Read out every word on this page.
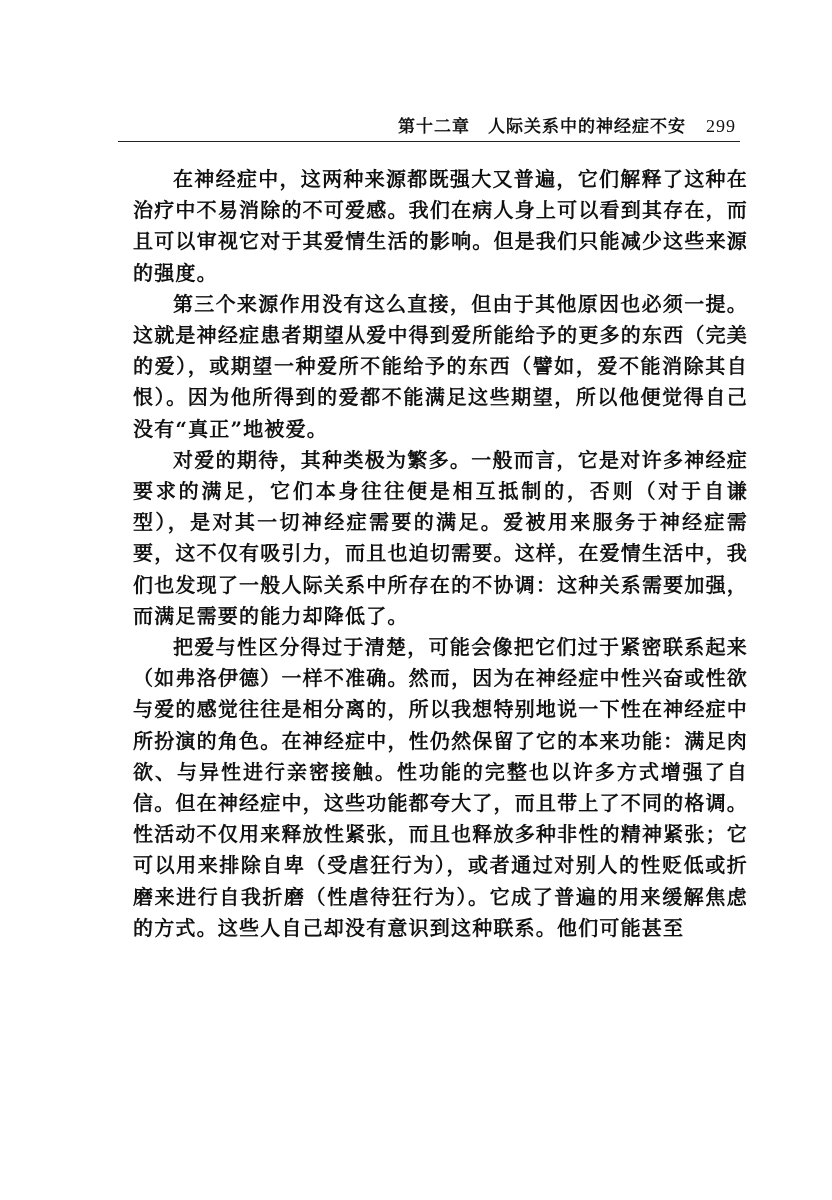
第十二章 人际关系中的神经症不安 299

在神经症中，这两种来源都既强大又普遍，它们解释了这种在治疗中不易消除的不可爱感。我们在病人身上可以看到其存在，而且可以审视它对于其爱情生活的影响。但是我们只能减少这些来源的强度。

第三个来源作用没有这么直接，但由于其他原因也必须一提。这就是神经症患者期望从爱中得到爱所能给予的更多的东西（完美的爱），或期望一种爱所不能给予的东西（譬如，爱不能消除其自恨）。因为他所得到的爱都不能满足这些期望，所以他便觉得自己没有“真正”地被爱。

对爱的期待，其种类极为繁多。一般而言，它是对许多神经症要求的满足，它们本身往往便是相互抵制的，否则（对于自谦型），是对其一切神经症需要的满足。爱被用来服务于神经症需要，这不仅有吸引力，而且也迫切需要。这样，在爱情生活中，我们也发现了一般人际关系中所存在的不协调：这种关系需要加强，而满足需要的能力却降低了。

把爱与性区分得过于清楚，可能会像把它们过于紧密联系起来（如弗洛伊德）一样不准确。然而，因为在神经症中性兴奋或性欲与爱的感觉往往是相分离的，所以我想特别地说一下性在神经症中所扮演的角色。在神经症中，性仍然保留了它的本来功能：满足肉欲、与异性进行亲密接触。性功能的完整也以许多方式增强了自信。但在神经症中，这些功能都夸大了，而且带上了不同的格调。性活动不仅用来释放性紧张，而且也释放多种非性的精神紧张；它可以用来排除自卑（受虐狂行为），或者通过对别人的性贬低或折磨来进行自我折磨（性虐待狂行为）。它成了普遍的用来缓解焦虑的方式。这些人自己却没有意识到这种联系。他们可能甚至
